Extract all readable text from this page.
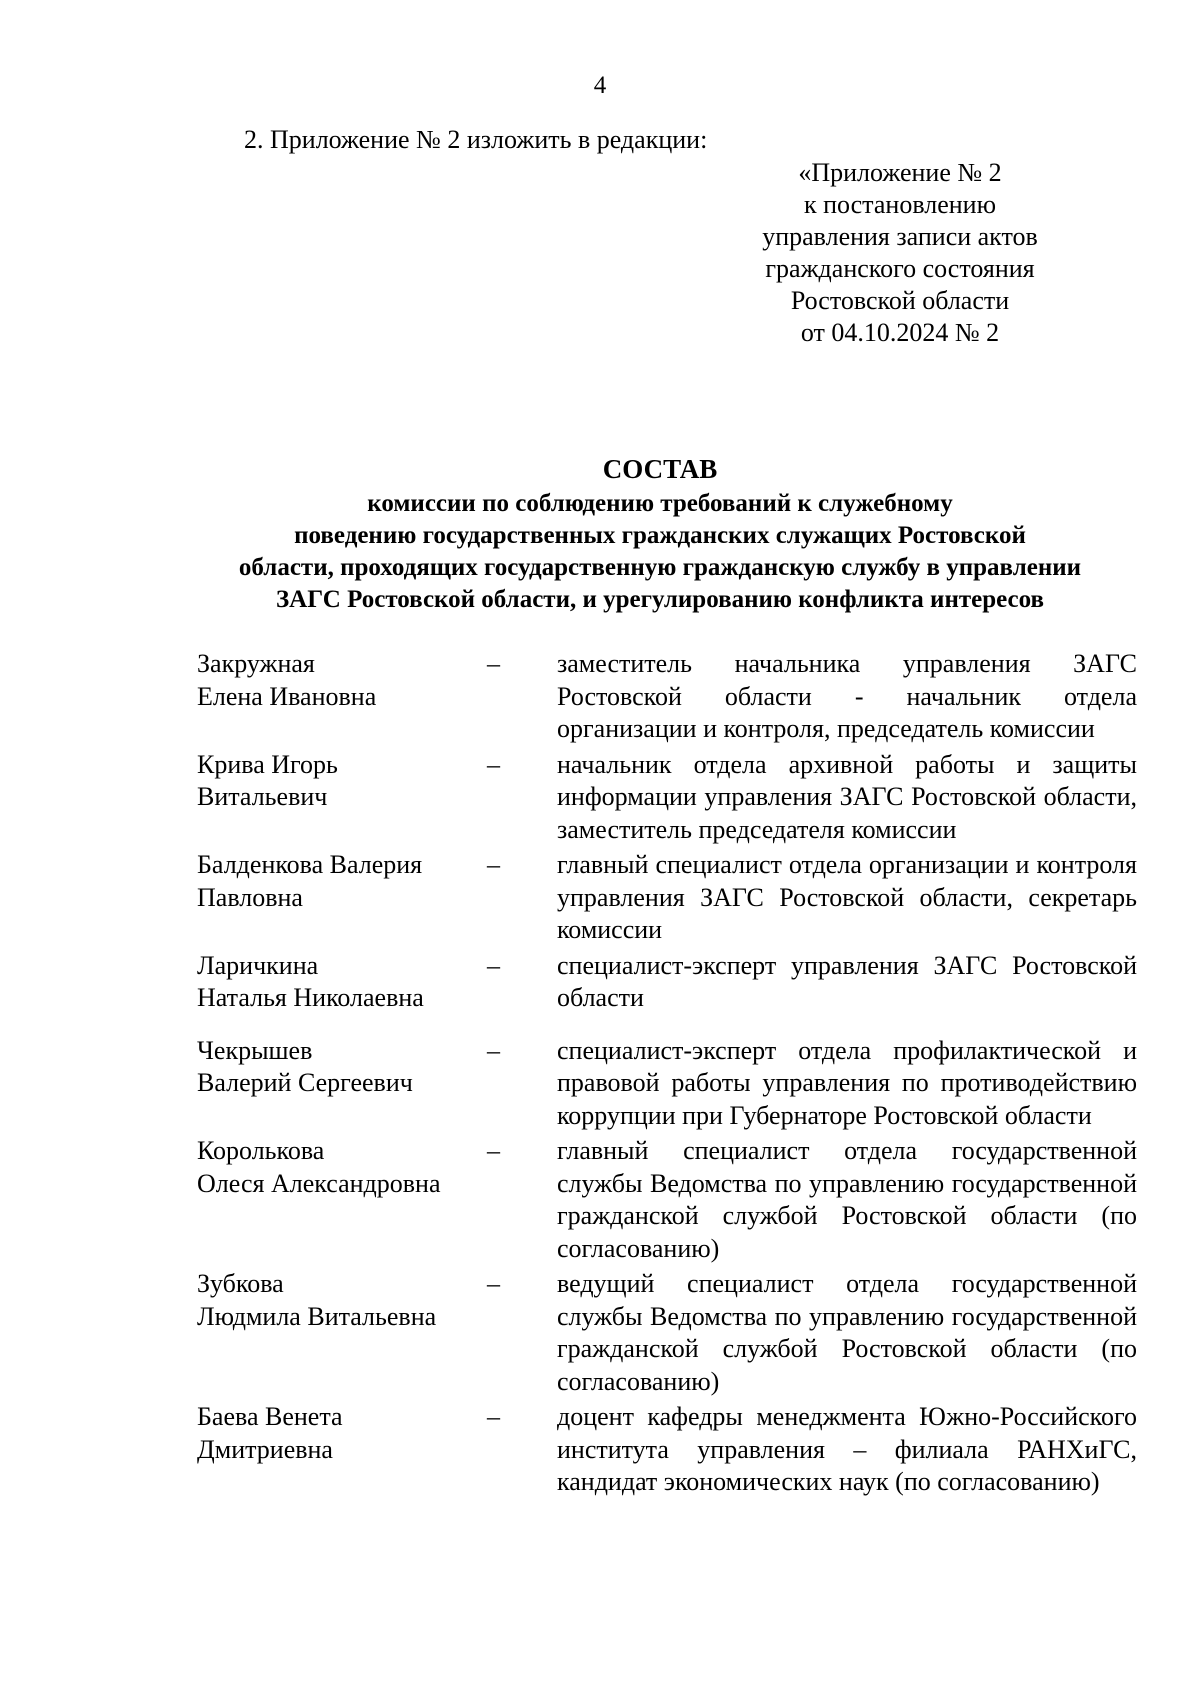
4
2. Приложение № 2 изложить в редакции:
«Приложение № 2
к постановлению
управления записи актов
гражданского состояния
Ростовской области
от 04.10.2024 № 2
СОСТАВ
комиссии по соблюдению требований к служебному
поведению государственных гражданских служащих Ростовской
области, проходящих государственную гражданскую службу в управлении
ЗАГС Ростовской области, и урегулированию конфликта интересов
Закружная
Елена Ивановна
–	заместитель начальника управления ЗАГС Ростовской области - начальник отдела организации и контроля, председатель комиссии
Крива Игорь
Витальевич
–	начальник отдела архивной работы и защиты информации управления ЗАГС Ростовской области, заместитель председателя комиссии
Балденкова Валерия
Павловна
–	главный специалист отдела организации и контроля управления ЗАГС Ростовской области, секретарь комиссии
Ларичкина
Наталья Николаевна
–	специалист-эксперт управления ЗАГС Ростовской области
Чекрышев
Валерий Сергеевич
–	специалист-эксперт отдела профилактической и правовой работы управления по противодействию коррупции при Губернаторе Ростовской области
Королькова
Олеся Александровна
–	главный специалист отдела государственной службы Ведомства по управлению государственной гражданской службой Ростовской области (по согласованию)
Зубкова
Людмила Витальевна
–	ведущий специалист отдела государственной службы Ведомства по управлению государственной гражданской службой Ростовской области (по согласованию)
Баева Венета
Дмитриевна
–	доцент кафедры менеджмента Южно-Российского института управления – филиала РАНХиГС, кандидат экономических наук (по согласованию)
